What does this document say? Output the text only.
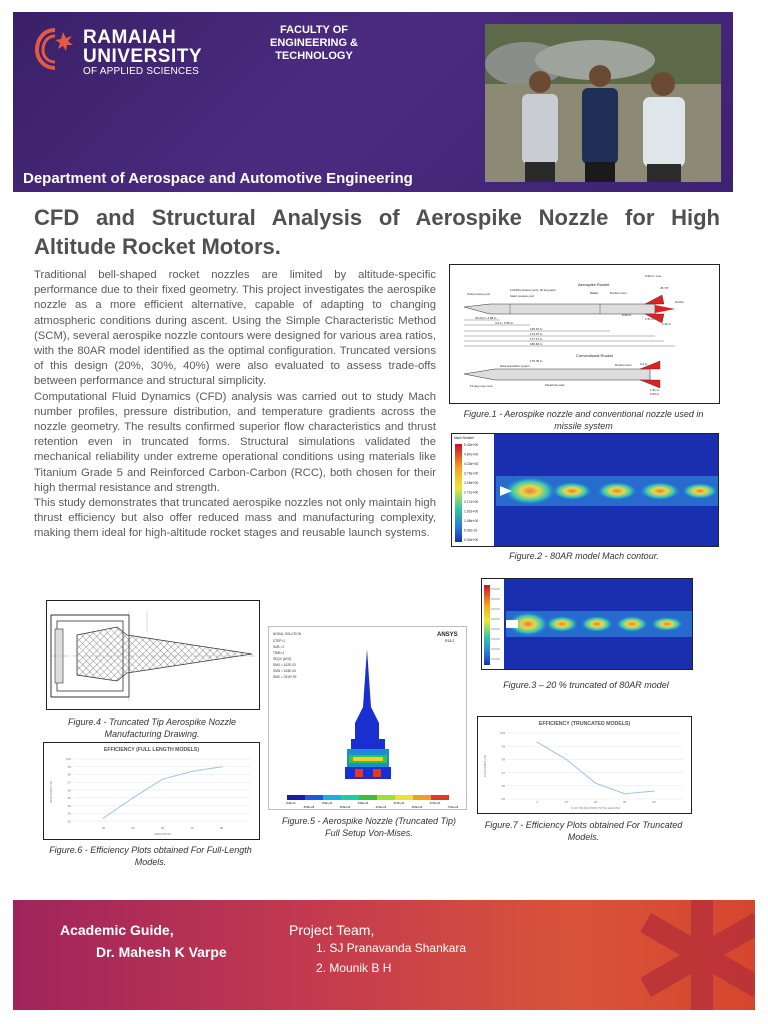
RAMAIAH
UNIVERSITY
OF APPLIED SCIENCES
FACULTY OF ENGINEERING & TECHNOLOGY
Department of Aerospace and Automotive Engineering
CFD and Structural Analysis of Aerospike Nozzle for High Altitude Rocket Motors.

Traditional bell-shaped rocket nozzles are limited by altitude-specific performance due to their fixed geometry. This project investigates the aerospike nozzle as a more efficient alternative, capable of adapting to changing atmospheric conditions during ascent. Using the Simple Characteristic Method (SCM), several aerospike nozzle contours were designed for various area ratios, with the 80AR model identified as the optimal configuration. Truncated versions of this design (20%, 30%, 40%) were also evaluated to assess trade-offs between performance and structural simplicity.

Computational Fluid Dynamics (CFD) analysis was carried out to study Mach number profiles, pressure distribution, and temperature gradients across the nozzle geometry. The results confirmed superior flow characteristics and thrust retention even in truncated forms. Structural simulations validated the mechanical reliability under extreme operational conditions using materials like Titanium Grade 5 and Reinforced Carbon-Carbon (RCC), both chosen for their high thermal resistance and strength.

This study demonstrates that truncated aerospike nozzles not only maintain high thrust efficiency but also offer reduced mass and manufacturing complexity, making them ideal for high-altitude rocket stages and reusable launch systems.

Aerospike Rocket
0.90 in. max
45.70°
Total pressure port	Static pressure port
2 FADS pressure ports, 90 deg apart
Ballast	Rocket motor
Nozzle
34.00 in. 4.68 in.
4.6 in. 5.55 in.
1.51 in.
2.32 in.
6.60 in.
145.97 in.
172.97 in.
177.17 in.
180.90 in.
Conventional Rocket
179.35 in.
2.0 in.
1.51 in.
0.50 in.
Data acquisition system
13-deg nose cone	Parachute pack
Rocket motor
Figure.1 - Aerospike nozzle and conventional nozzle used in missile system
Mach Number
5.42e+00
4.87e+00
4.33e+00
3.79e+00
3.25e+00
2.71e+00
2.17e+00
1.62e+00
1.08e+00
5.42e-01
0.00e+00
Figure.2 - 80AR model Mach contour.
Figure.3 – 20 % truncated of 80AR model
Figure.4 - Truncated Tip Aerospike Nozzle Manufacturing Drawing.
ANSYS
R18.2
NODAL SOLUTION
STEP=1
SUB =1
TIME=1
SEQV (AVG)
DMX =.102E-03
SMN =.153E-03
SMX =.761E+09
.153E-03
.845E+08
.169E+09
.254E+09
.338E+09
.423E+09
.507E+09
.592E+09
.676E+09
.761E+09
Figure.5 - Aerospike Nozzle (Truncated Tip) Full Setup Von-Mises.
EFFICIENCY (FULL LENGTH MODELS)
92
93
94
95
96
97
98
99
100
40	50	60	70	80
AREA RATIO
EFFICIENCY (%)
Figure.6 - Efficiency Plots obtained For Full-Length Models.
EFFICIENCY (TRUNCATED MODELS)
95
96
97
98
99
100
0	10	20	30	40
% OF TRUNCATION (TOTAL LENGTH)
EFFICIENCY (%)
Figure.7 - Efficiency Plots obtained For Truncated Models.
Academic Guide,
Dr. Mahesh K Varpe
Project Team,
1. SJ Pranavanda Shankara
2. Mounik B H
